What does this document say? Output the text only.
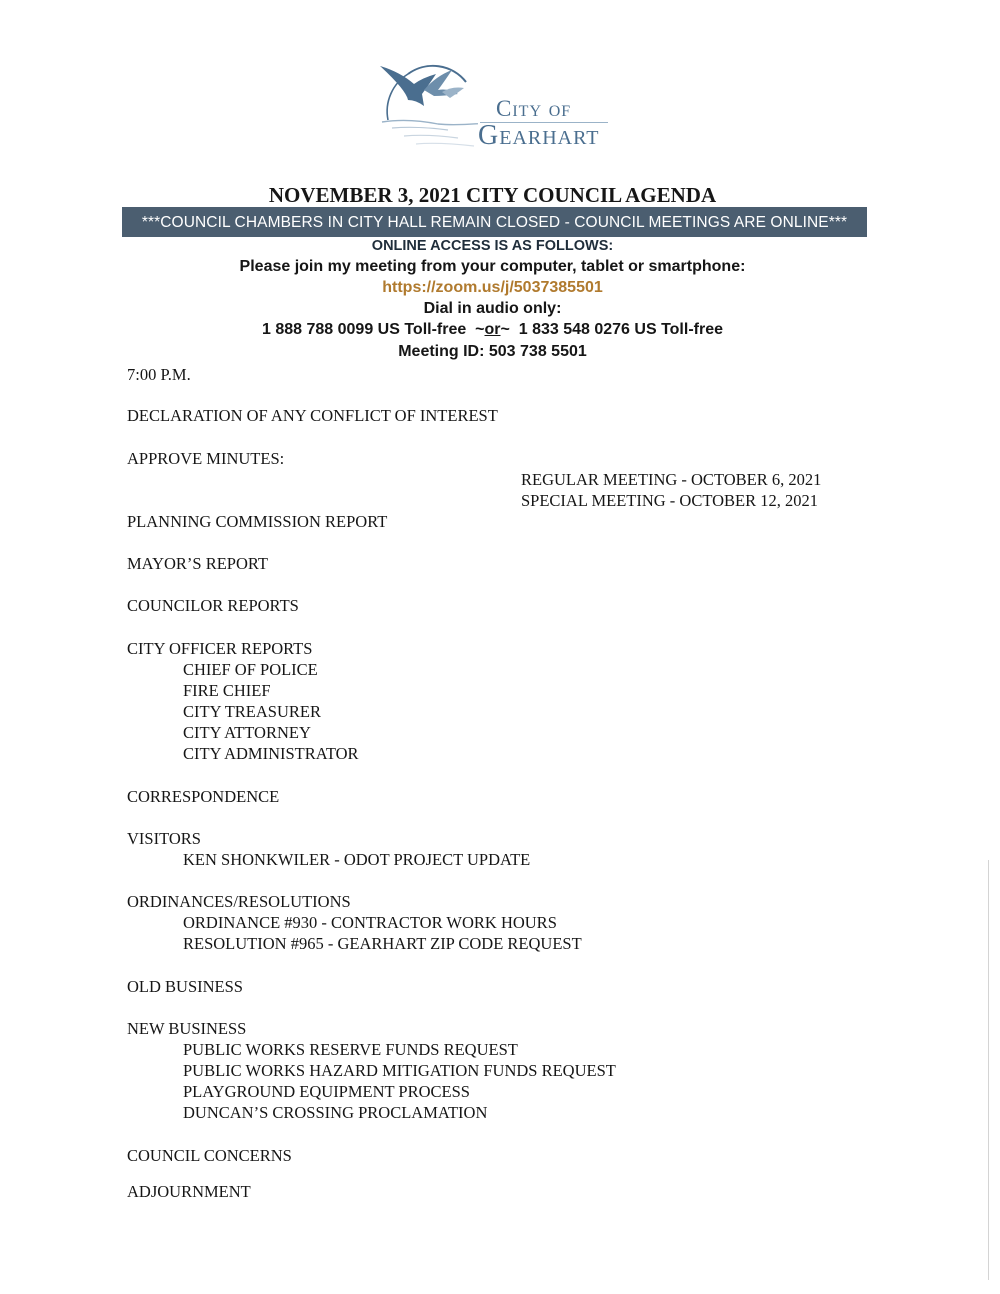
City of
Gearhart
NOVEMBER 3, 2021 CITY COUNCIL AGENDA
***COUNCIL CHAMBERS IN CITY HALL REMAIN CLOSED - COUNCIL MEETINGS ARE ONLINE***
ONLINE ACCESS IS AS FOLLOWS:
Please join my meeting from your computer, tablet or smartphone:
https://zoom.us/j/5037385501
Dial in audio only:
1 888 788 0099 US Toll-free ~or~ 1 833 548 0276 US Toll-free
Meeting ID: 503 738 5501
7:00 P.M.
DECLARATION OF ANY CONFLICT OF INTEREST
APPROVE MINUTES:
REGULAR MEETING - OCTOBER 6, 2021
SPECIAL MEETING - OCTOBER 12, 2021
PLANNING COMMISSION REPORT
MAYOR’S REPORT
COUNCILOR REPORTS
CITY OFFICER REPORTS
CHIEF OF POLICE
FIRE CHIEF
CITY TREASURER
CITY ATTORNEY
CITY ADMINISTRATOR
CORRESPONDENCE
VISITORS
KEN SHONKWILER - ODOT PROJECT UPDATE
ORDINANCES/RESOLUTIONS
ORDINANCE #930 - CONTRACTOR WORK HOURS
RESOLUTION #965 - GEARHART ZIP CODE REQUEST
OLD BUSINESS
NEW BUSINESS
PUBLIC WORKS RESERVE FUNDS REQUEST
PUBLIC WORKS HAZARD MITIGATION FUNDS REQUEST
PLAYGROUND EQUIPMENT PROCESS
DUNCAN’S CROSSING PROCLAMATION
COUNCIL CONCERNS
ADJOURNMENT
